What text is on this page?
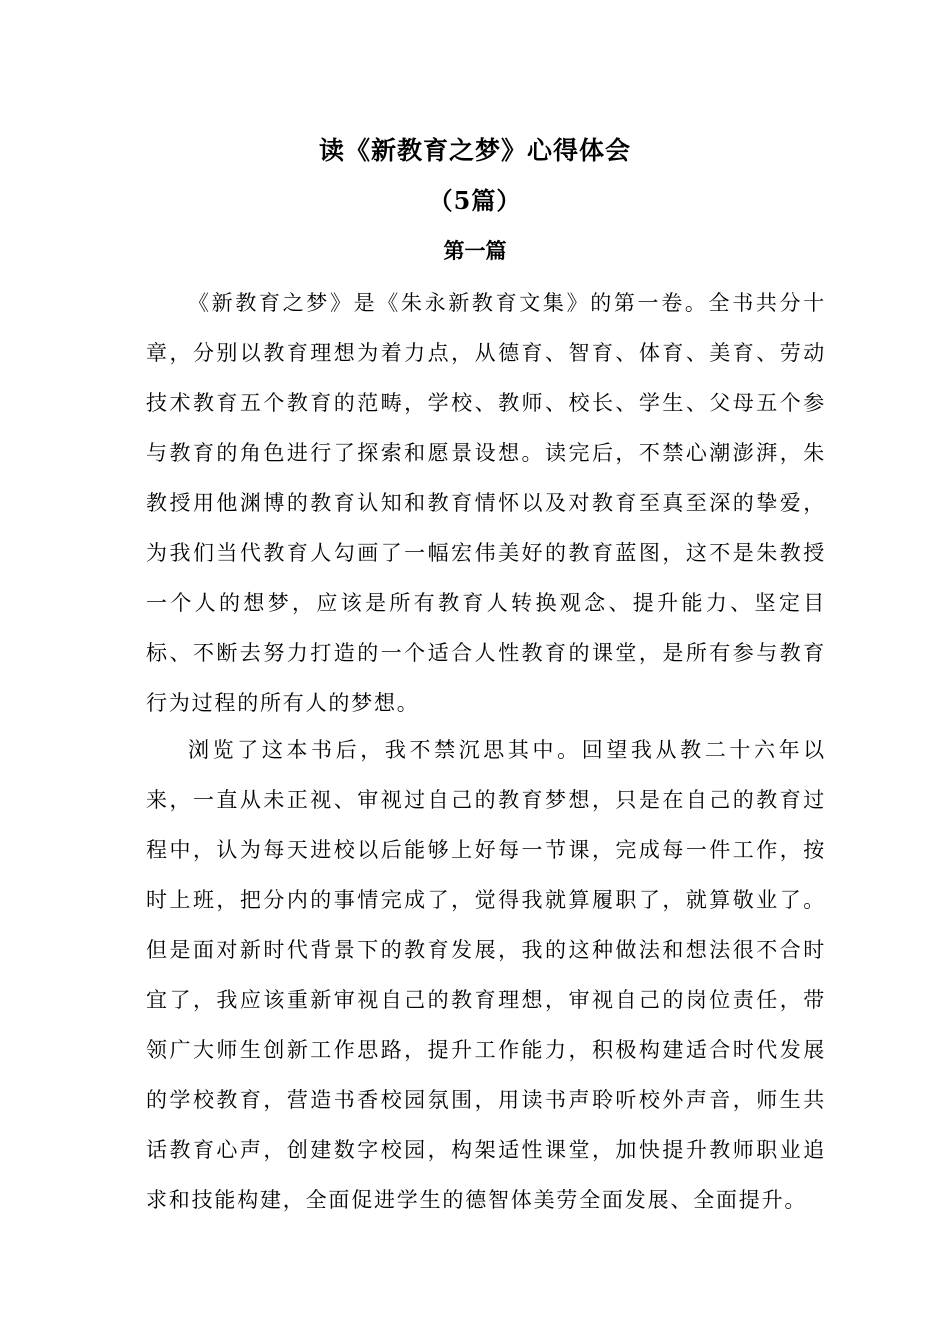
读《新教育之梦》心得体会
（5篇）
第一篇

《新教育之梦》是《朱永新教育文集》的第一卷。全书共分十章，分别以教育理想为着力点，从德育、智育、体育、美育、劳动技术教育五个教育的范畴，学校、教师、校长、学生、父母五个参与教育的角色进行了探索和愿景设想。读完后，不禁心潮澎湃，朱教授用他渊博的教育认知和教育情怀以及对教育至真至深的挚爱，为我们当代教育人勾画了一幅宏伟美好的教育蓝图，这不是朱教授一个人的想梦，应该是所有教育人转换观念、提升能力、坚定目标、不断去努力打造的一个适合人性教育的课堂，是所有参与教育行为过程的所有人的梦想。

浏览了这本书后，我不禁沉思其中。回望我从教二十六年以来，一直从未正视、审视过自己的教育梦想，只是在自己的教育过程中，认为每天进校以后能够上好每一节课，完成每一件工作，按时上班，把分内的事情完成了，觉得我就算履职了，就算敬业了。但是面对新时代背景下的教育发展，我的这种做法和想法很不合时宜了，我应该重新审视自己的教育理想，审视自己的岗位责任，带领广大师生创新工作思路，提升工作能力，积极构建适合时代发展的学校教育，营造书香校园氛围，用读书声聆听校外声音，师生共话教育心声，创建数字校园，构架适性课堂，加快提升教师职业追求和技能构建，全面促进学生的德智体美劳全面发展、全面提升。
